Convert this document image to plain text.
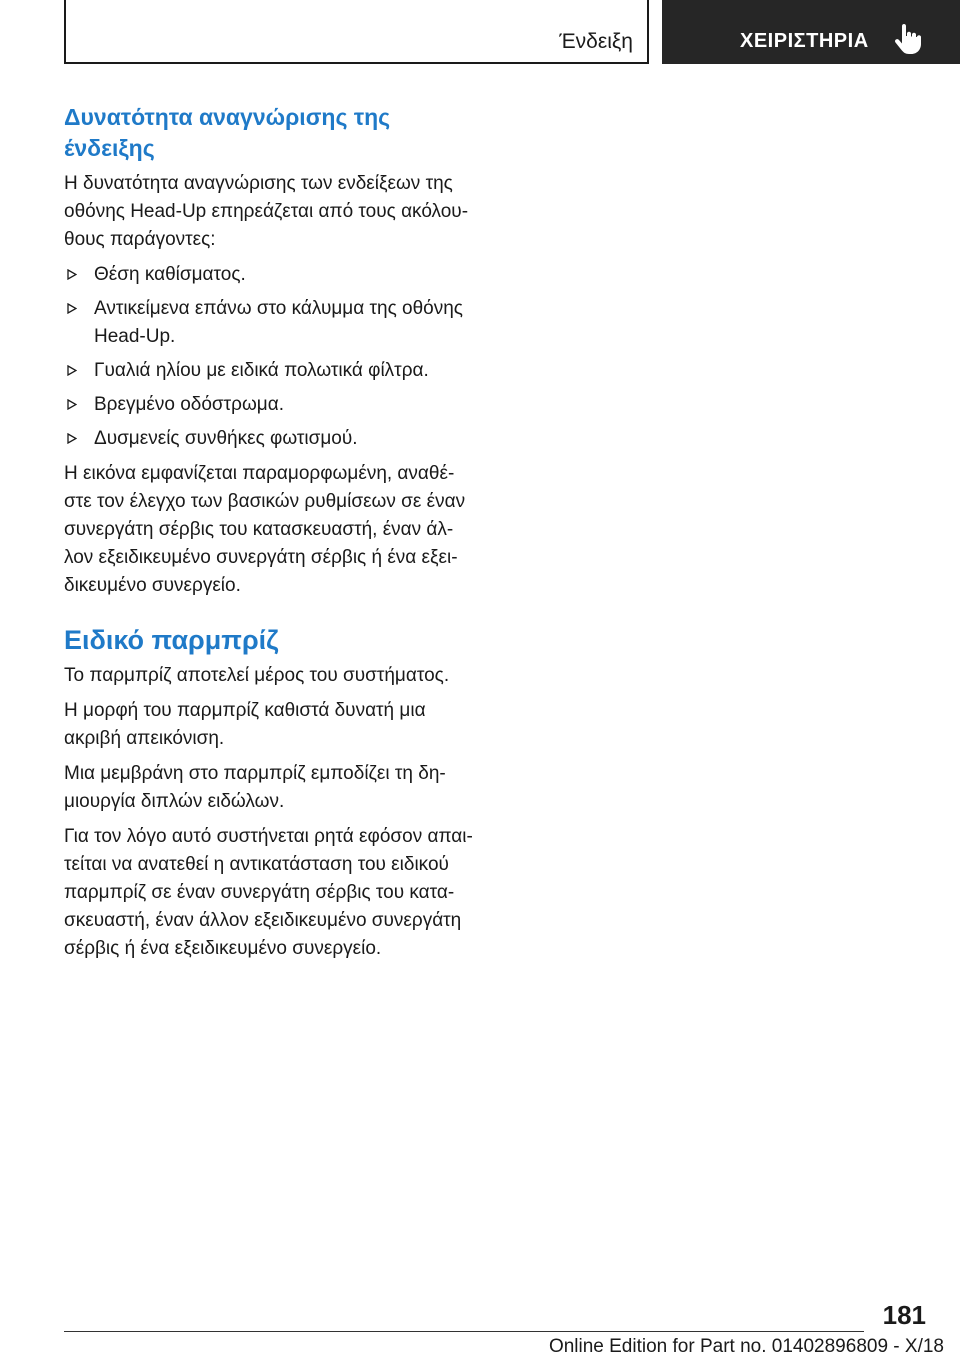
Ένδειξη	ΧΕΙΡΙΣΤΗΡΙΑ
Δυνατότητα αναγνώρισης της
ένδειξης

Η δυνατότητα αναγνώρισης των ενδείξεων της οθόνης Head-Up επηρεάζεται από τους ακόλου‐ θους παράγοντες:

Θέση καθίσματος.
Αντικείμενα επάνω στο κάλυμμα της οθόνης Head-Up.
Γυαλιά ηλίου με ειδικά πολωτικά φίλτρα.
Βρεγμένο οδόστρωμα.
Δυσμενείς συνθήκες φωτισμού.

Η εικόνα εμφανίζεται παραμορφωμένη, αναθέ‐ στε τον έλεγχο των βασικών ρυθμίσεων σε έναν συνεργάτη σέρβις του κατασκευαστή, έναν άλ‐ λον εξειδικευμένο συνεργάτη σέρβις ή ένα εξει‐ δικευμένο συνεργείο.

Ειδικό παρμπρίζ

Το παρμπρίζ αποτελεί μέρος του συστήματος.

Η μορφή του παρμπρίζ καθιστά δυνατή μια ακριβή απεικόνιση.

Μια μεμβράνη στο παρμπρίζ εμποδίζει τη δη‐ μιουργία διπλών ειδώλων.

Για τον λόγο αυτό συστήνεται ρητά εφόσον απαι‐ τείται να ανατεθεί η αντικατάσταση του ειδικού παρμπρίζ σε έναν συνεργάτη σέρβις του κατα‐ σκευαστή, έναν άλλον εξειδικευμένο συνεργάτη σέρβις ή ένα εξειδικευμένο συνεργείο.

181
Online Edition for Part no. 01402896809 - X/18
